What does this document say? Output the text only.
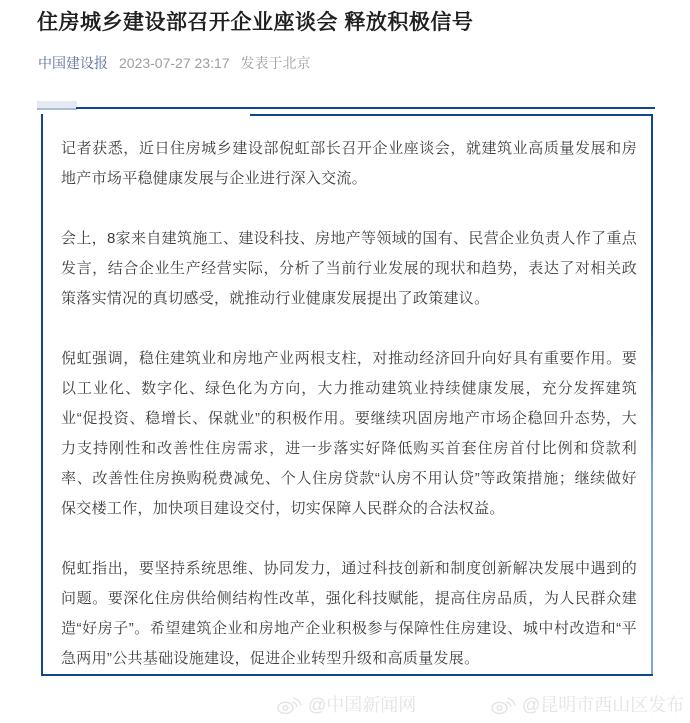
住房城乡建设部召开企业座谈会 释放积极信号
中国建设报 2023-07-27 23:17 发表于北京

记者获悉，近日住房城乡建设部倪虹部长召开企业座谈会，就建筑业高质量发展和房地产市场平稳健康发展与企业进行深入交流。

会上，8家来自建筑施工、建设科技、房地产等领域的国有、民营企业负责人作了重点发言，结合企业生产经营实际，分析了当前行业发展的现状和趋势，表达了对相关政策落实情况的真切感受，就推动行业健康发展提出了政策建议。

倪虹强调，稳住建筑业和房地产业两根支柱，对推动经济回升向好具有重要作用。要以工业化、数字化、绿色化为方向，大力推动建筑业持续健康发展，充分发挥建筑业“促投资、稳增长、保就业”的积极作用。要继续巩固房地产市场企稳回升态势，大力支持刚性和改善性住房需求，进一步落实好降低购买首套住房首付比例和贷款利率、改善性住房换购税费减免、个人住房贷款“认房不用认贷”等政策措施；继续做好保交楼工作，加快项目建设交付，切实保障人民群众的合法权益。

倪虹指出，要坚持系统思维、协同发力，通过科技创新和制度创新解决发展中遇到的问题。要深化住房供给侧结构性改革，强化科技赋能，提高住房品质，为人民群众建造“好房子”。希望建筑企业和房地产企业积极参与保障性住房建设、城中村改造和“平急两用”公共基础设施建设，促进企业转型升级和高质量发展。

@中国新闻网	@昆明市西山区发布
